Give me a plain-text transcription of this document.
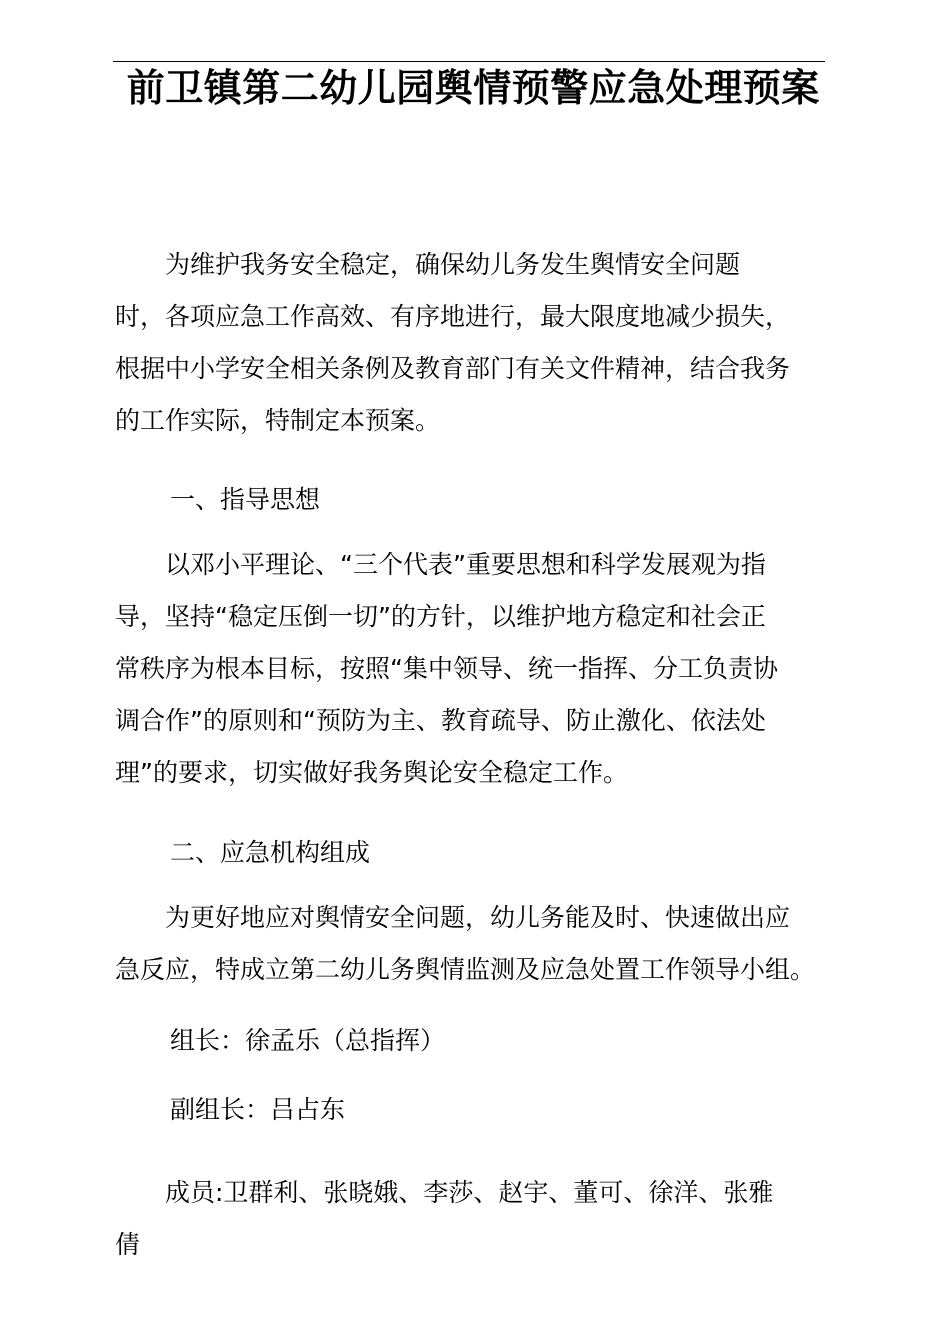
前卫镇第二幼儿园舆情预警应急处理预案
　　为维护我务安全稳定，确保幼儿务发生舆情安全问题
时，各项应急工作高效、有序地进行，最大限度地减少损失，
根据中小学安全相关条例及教育部门有关文件精神，结合我务
的工作实际，特制定本预案。
一、指导思想
　　以邓小平理论、“三个代表”重要思想和科学发展观为指
导，坚持“稳定压倒一切”的方针，以维护地方稳定和社会正
常秩序为根本目标，按照“集中领导、统一指挥、分工负责协
调合作”的原则和“预防为主、教育疏导、防止激化、依法处
理”的要求，切实做好我务舆论安全稳定工作。
二、应急机构组成
　　为更好地应对舆情安全问题，幼儿务能及时、快速做出应
急反应，特成立第二幼儿务舆情监测及应急处置工作领导小组。
组长：徐孟乐（总指挥）
副组长：吕占东
　　成员:卫群利、张晓娥、李莎、赵宇、董可、徐洋、张雅
倩
